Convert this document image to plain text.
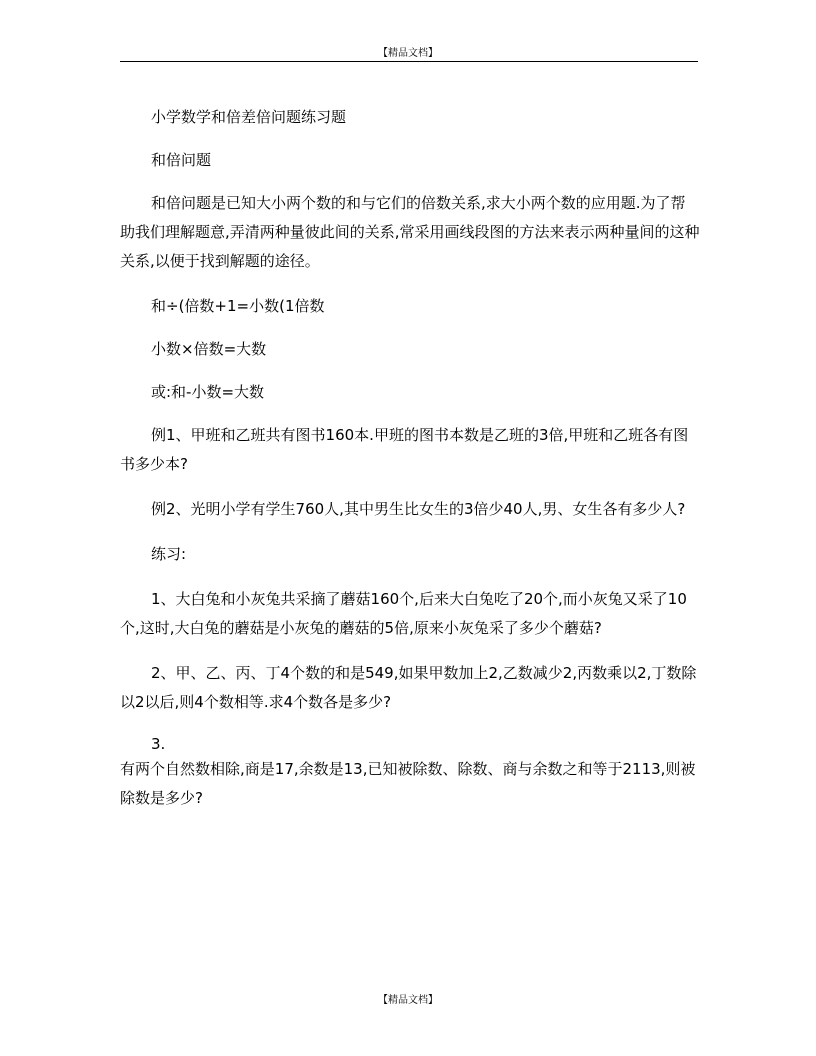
【精品文档】

小学数学和倍差倍问题练习题

和倍问题

和倍问题是已知大小两个数的和与它们的倍数关系,求大小两个数的应用题.为了帮助我们理解题意,弄清两种量彼此间的关系,常采用画线段图的方法来表示两种量间的这种关系,以便于找到解题的途径。

和÷(倍数+1=小数(1倍数

小数×倍数=大数

或:和-小数=大数

例1、甲班和乙班共有图书160本.甲班的图书本数是乙班的3倍,甲班和乙班各有图书多少本?

例2、光明小学有学生760人,其中男生比女生的3倍少40人,男、女生各有多少人?

练习:

1、大白兔和小灰兔共采摘了蘑菇160个,后来大白兔吃了20个,而小灰兔又采了10个,这时,大白兔的蘑菇是小灰兔的蘑菇的5倍,原来小灰兔采了多少个蘑菇?

2、甲、乙、丙、丁4个数的和是549,如果甲数加上2,乙数减少2,丙数乘以2,丁数除以2以后,则4个数相等.求4个数各是多少?

3.

有两个自然数相除,商是17,余数是13,已知被除数、除数、商与余数之和等于2113,则被除数是多少?

【精品文档】
